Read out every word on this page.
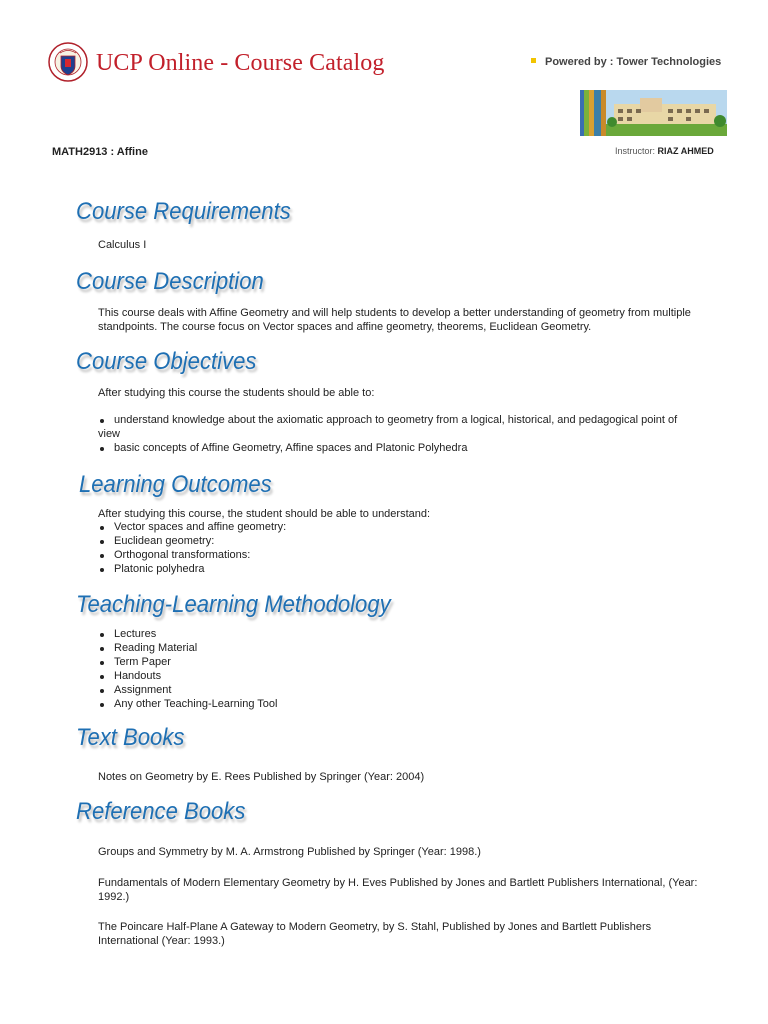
UCP Online - Course Catalog	Powered by : Tower Technologies
MATH2913 : Affine	Instructor: RIAZ AHMED
Course Requirements

Calculus I

Course Description

This course deals with Affine Geometry and will help students to develop a better understanding of geometry from multiple standpoints. The course focus on Vector spaces and affine geometry, theorems, Euclidean Geometry.

Course Objectives

After studying this course the students should be able to:

understand knowledge about the axiomatic approach to geometry from a logical, historical, and pedagogical point of view
basic concepts of Affine Geometry, Affine spaces and Platonic Polyhedra
Learning Outcomes

After studying this course, the student should be able to understand:

Vector spaces and affine geometry:
Euclidean geometry:
Orthogonal transformations:
Platonic polyhedra
Teaching-Learning Methodology
Lectures
Reading Material
Term Paper
Handouts
Assignment
Any other Teaching-Learning Tool
Text Books

Notes on Geometry by E. Rees Published by Springer (Year: 2004)

Reference Books

Groups and Symmetry by M. A. Armstrong Published by Springer (Year: 1998.)

Fundamentals of Modern Elementary Geometry by H. Eves Published by Jones and Bartlett Publishers International, (Year: 1992.)

The Poincare Half-Plane A Gateway to Modern Geometry, by S. Stahl, Published by Jones and Bartlett Publishers International (Year: 1993.)
